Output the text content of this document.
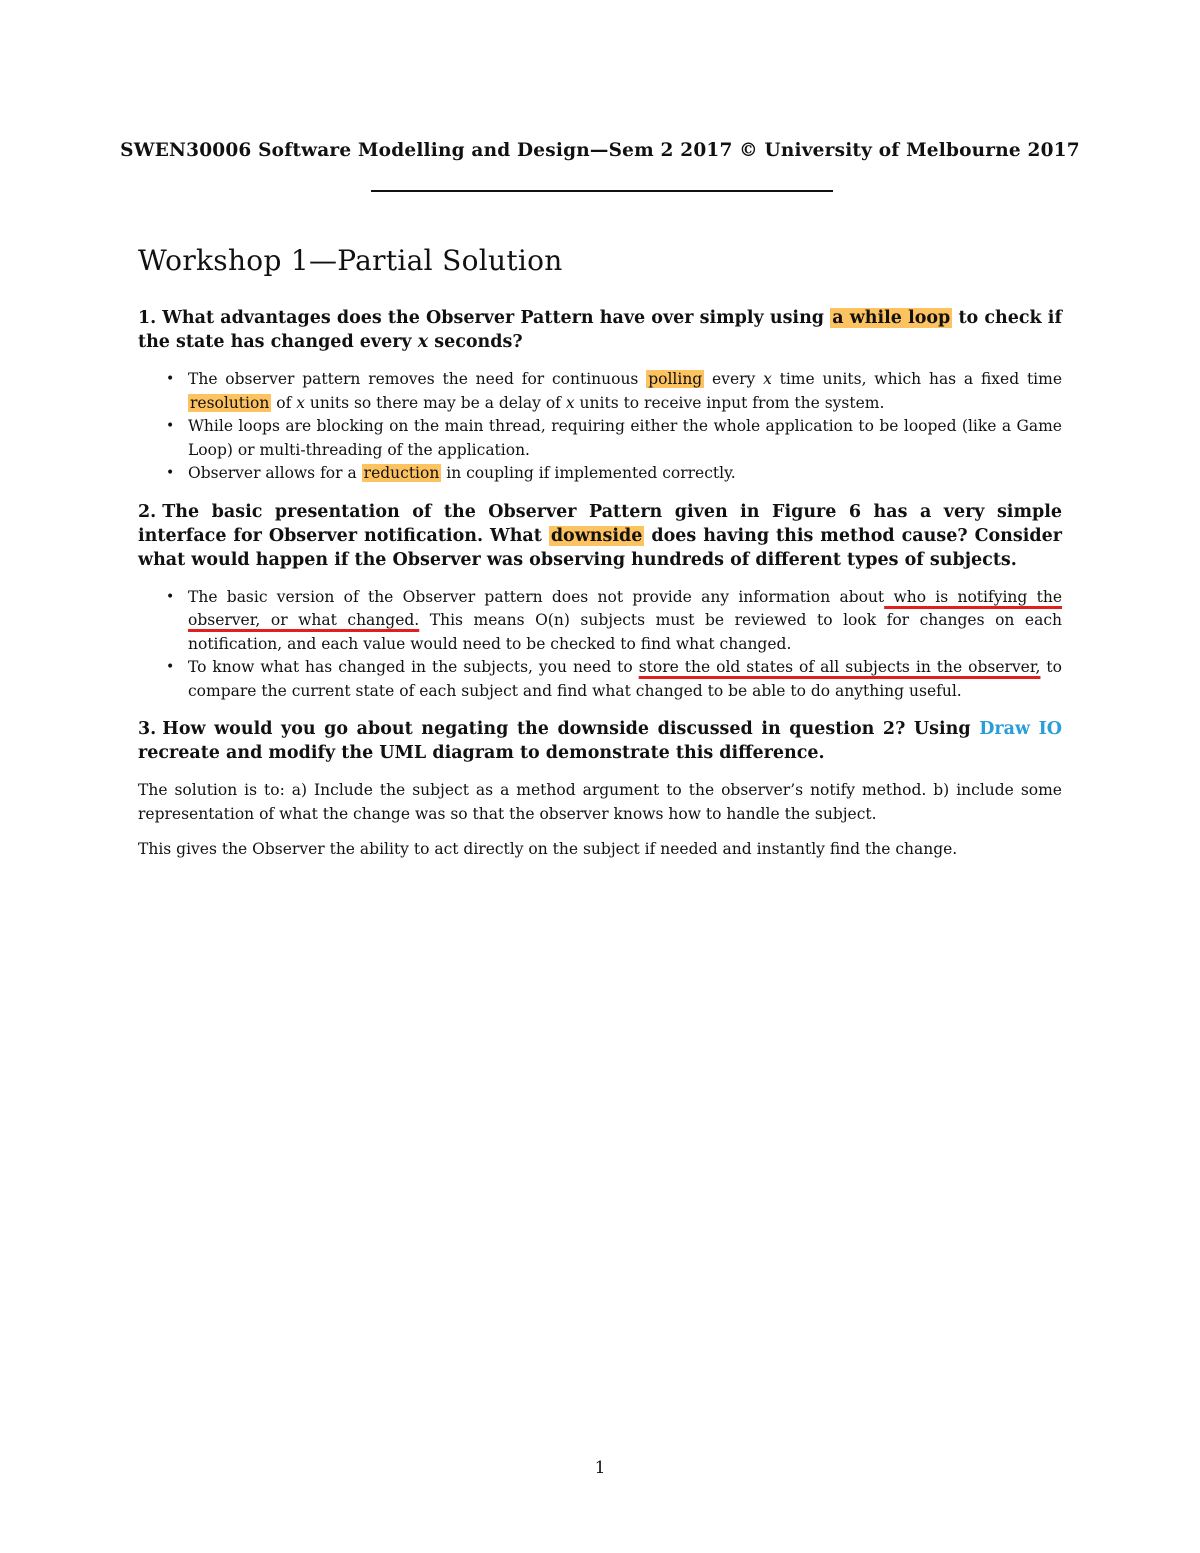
SWEN30006 Software Modelling and Design—Sem 2 2017 © University of Melbourne 2017
Workshop 1—Partial Solution

1. What advantages does the Observer Pattern have over simply using a while loop to check if the state has changed every x seconds?

• The observer pattern removes the need for continuous polling every x time units, which has a fixed time resolution of x units so there may be a delay of x units to receive input from the system.
• While loops are blocking on the main thread, requiring either the whole application to be looped (like a Game Loop) or multi-threading of the application.
• Observer allows for a reduction in coupling if implemented correctly.

2. The basic presentation of the Observer Pattern given in Figure 6 has a very simple interface for Observer notification. What downside does having this method cause? Consider what would happen if the Observer was observing hundreds of different types of subjects.

• The basic version of the Observer pattern does not provide any information about who is notifying the observer, or what changed. This means O(n) subjects must be reviewed to look for changes on each notification, and each value would need to be checked to find what changed.
• To know what has changed in the subjects, you need to store the old states of all subjects in the observer, to compare the current state of each subject and find what changed to be able to do anything useful.

3. How would you go about negating the downside discussed in question 2? Using Draw IO recreate and modify the UML diagram to demonstrate this difference.

The solution is to: a) Include the subject as a method argument to the observer’s notify method. b) include some representation of what the change was so that the observer knows how to handle the subject.

This gives the Observer the ability to act directly on the subject if needed and instantly find the change.

1
